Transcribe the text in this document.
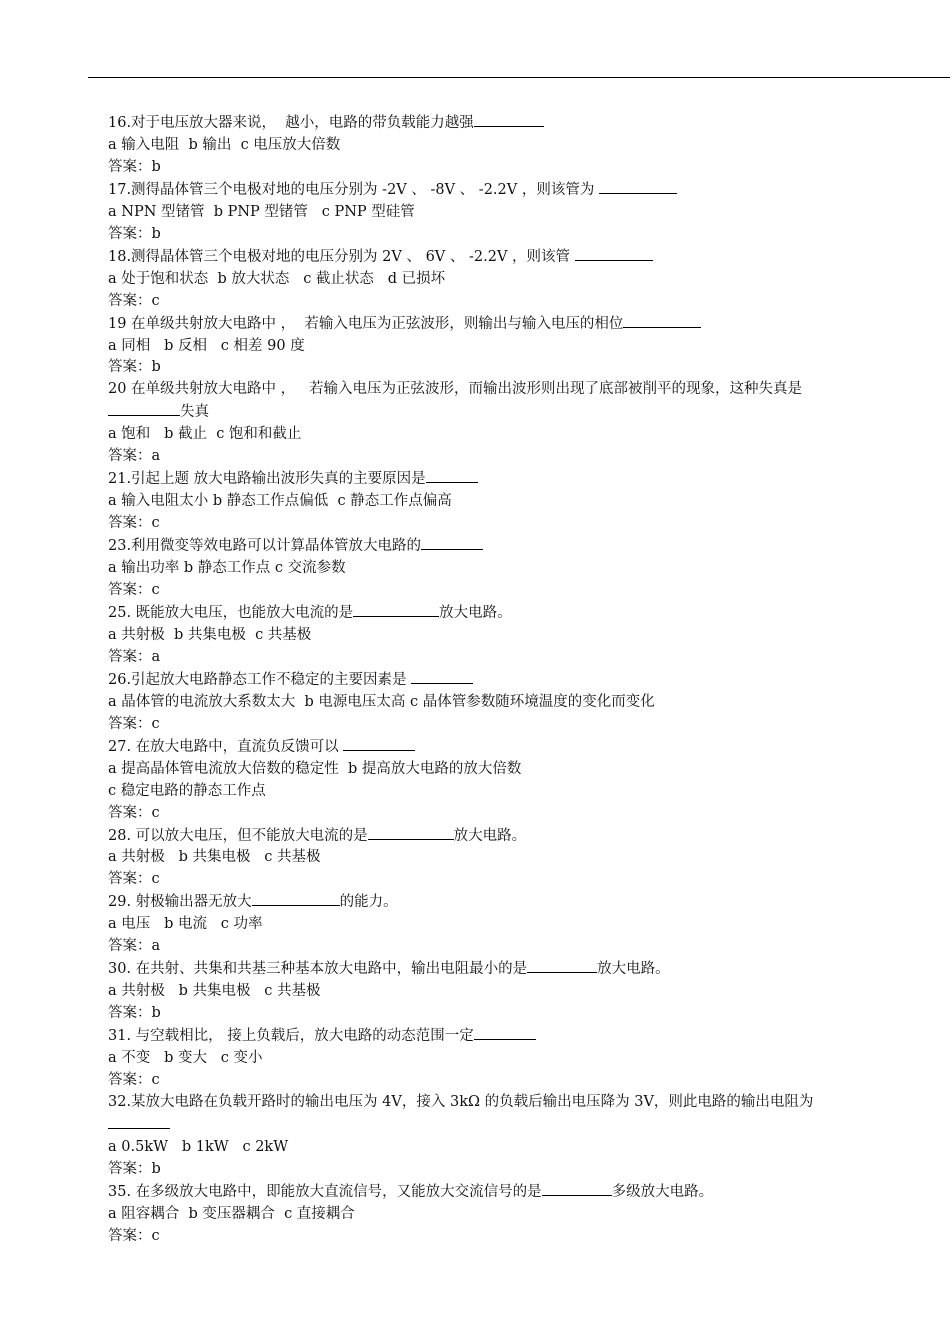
16.对于电压放大器来说，  越小，电路的带负载能力越强
a 输入电阻  b 输出  c 电压放大倍数
答案：b
17.测得晶体管三个电极对地的电压分别为 -2V 、 -8V 、 -2.2V ，则该管为
a NPN 型锗管  b PNP 型锗管   c PNP 型硅管
答案：b
18.测得晶体管三个电极对地的电压分别为 2V 、 6V 、 -2.2V ，则该管
a 处于饱和状态  b 放大状态   c 截止状态   d 已损坏
答案：c
19 在单级共射放大电路中 ，  若输入电压为正弦波形，则输出与输入电压的相位
a 同相   b 反相   c 相差 90 度
答案：b
20 在单级共射放大电路中 ，   若输入电压为正弦波形，而输出波形则出现了底部被削平的现象，这种失真是失真
a 饱和   b 截止  c 饱和和截止
答案：a
21.引起上题 放大电路输出波形失真的主要原因是
a 输入电阻太小 b 静态工作点偏低  c 静态工作点偏高
答案：c
23.利用微变等效电路可以计算晶体管放大电路的
a 输出功率 b 静态工作点 c 交流参数
答案：c
25. 既能放大电压，也能放大电流的是	放大电路。
a 共射极  b 共集电极  c 共基极
答案：a
26.引起放大电路静态工作不稳定的主要因素是
a 晶体管的电流放大系数太大  b 电源电压太高 c 晶体管参数随环境温度的变化而变化
答案：c
27. 在放大电路中，直流负反馈可以
a 提高晶体管电流放大倍数的稳定性  b 提高放大电路的放大倍数
c 稳定电路的静态工作点
答案：c
28. 可以放大电压，但不能放大电流的是	放大电路。
a 共射极   b 共集电极   c 共基极
答案：c
29. 射极输出器无放大	的能力。
a 电压   b 电流   c 功率
答案：a
30. 在共射、共集和共基三种基本放大电路中，输出电阻最小的是	放大电路。
a 共射极   b 共集电极   c 共基极
答案：b
31. 与空载相比， 接上负载后，放大电路的动态范围一定
a 不变   b 变大   c 变小
答案：c
32.某放大电路在负载开路时的输出电压为 4V，接入 3kΩ 的负载后输出电压降为 3V，则此电路的输出电阻为
a 0.5kW   b 1kW   c 2kW
答案：b
35. 在多级放大电路中，即能放大直流信号，又能放大交流信号的是	多级放大电路。
a 阻容耦合  b 变压器耦合  c 直接耦合
答案：c
